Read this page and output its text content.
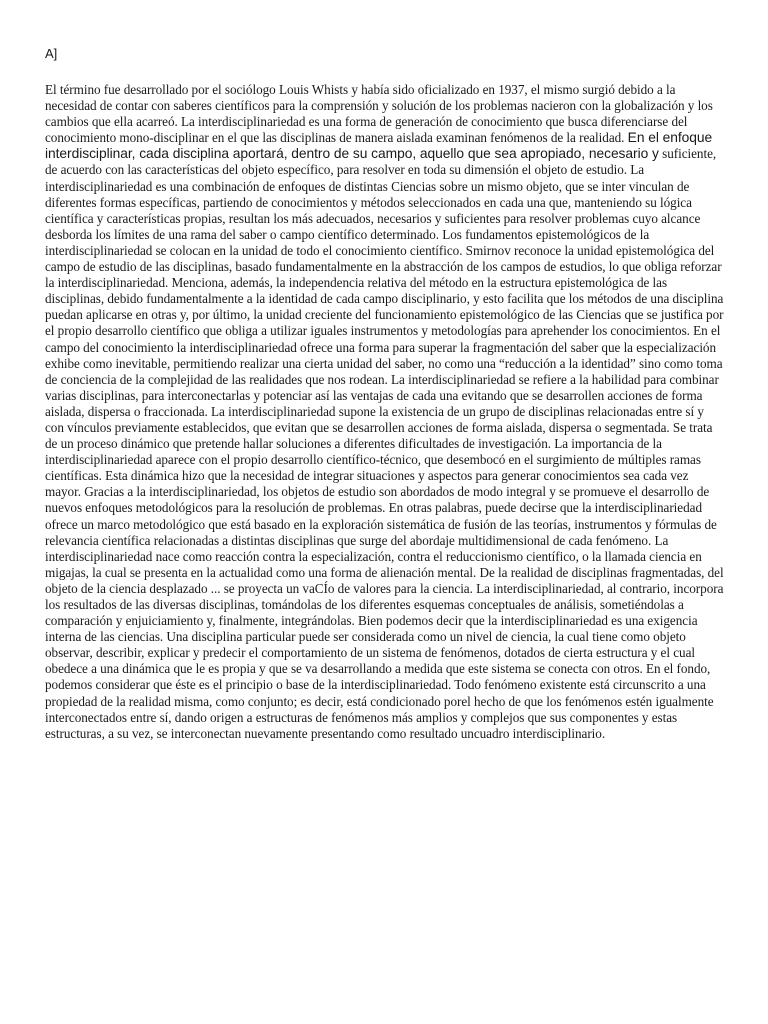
A]

El término fue desarrollado por el sociólogo Louis Whists y había sido oficializado en 1937, el mismo surgió debido a la necesidad de contar con saberes científicos para la comprensión y solución de los problemas nacieron con la globalización y los cambios que ella acarreó. La interdisciplinariedad es una forma de generación de conocimiento que busca diferenciarse del conocimiento mono-disciplinar en el que las disciplinas de manera aislada examinan fenómenos de la realidad. En el enfoque interdisciplinar, cada disciplina aportará, dentro de su campo, aquello que sea apropiado, necesario y suficiente, de acuerdo con las características del objeto específico, para resolver en toda su dimensión el objeto de estudio. La interdisciplinariedad es una combinación de enfoques de distintas Ciencias sobre un mismo objeto, que se inter vinculan de diferentes formas específicas, partiendo de conocimientos y métodos seleccionados en cada una que, manteniendo su lógica científica y características propias, resultan los más adecuados, necesarios y suficientes para resolver problemas cuyo alcance desborda los límites de una rama del saber o campo científico determinado. Los fundamentos epistemológicos de la interdisciplinariedad se colocan en la unidad de todo el conocimiento científico. Smirnov reconoce la unidad epistemológica del campo de estudio de las disciplinas, basado fundamentalmente en la abstracción de los campos de estudios, lo que obliga reforzar la interdisciplinariedad. Menciona, además, la independencia relativa del método en la estructura epistemológica de las disciplinas, debido fundamentalmente a la identidad de cada campo disciplinario, y esto facilita que los métodos de una disciplina puedan aplicarse en otras y, por último, la unidad creciente del funcionamiento epistemológico de las Ciencias que se justifica por el propio desarrollo científico que obliga a utilizar iguales instrumentos y metodologías para aprehender los conocimientos. En el campo del conocimiento la interdisciplinariedad ofrece una forma para superar la fragmentación del saber que la especialización exhibe como inevitable, permitiendo realizar una cierta unidad del saber, no como una “reducción a la identidad” sino como toma de conciencia de la complejidad de las realidades que nos rodean. La interdisciplinariedad se refiere a la habilidad para combinar varias disciplinas, para interconectarlas y potenciar así las ventajas de cada una evitando que se desarrollen acciones de forma aislada, dispersa o fraccionada. La interdisciplinariedad supone la existencia de un grupo de disciplinas relacionadas entre sí y con vínculos previamente establecidos, que evitan que se desarrollen acciones de forma aislada, dispersa o segmentada. Se trata de un proceso dinámico que pretende hallar soluciones a diferentes dificultades de investigación. La importancia de la interdisciplinariedad aparece con el propio desarrollo científico-técnico, que desembocó en el surgimiento de múltiples ramas científicas. Esta dinámica hizo que la necesidad de integrar situaciones y aspectos para generar conocimientos sea cada vez mayor. Gracias a la interdisciplinariedad, los objetos de estudio son abordados de modo integral y se promueve el desarrollo de nuevos enfoques metodológicos para la resolución de problemas. En otras palabras, puede decirse que la interdisciplinariedad ofrece un marco metodológico que está basado en la exploración sistemática de fusión de las teorías, instrumentos y fórmulas de relevancia científica relacionadas a distintas disciplinas que surge del abordaje multidimensional de cada fenómeno. La interdisciplinariedad nace como reacción contra la especialización, contra el reduccionismo científico, o la llamada ciencia en migajas, la cual se presenta en la actualidad como una forma de alienación mental. De la realidad de disciplinas fragmentadas, del objeto de la ciencia desplazado ... se proyecta un vaCÍo de valores para la ciencia. La interdisciplinariedad, al contrario, incorpora los resultados de las diversas disciplinas, tomándolas de los diferentes esquemas conceptuales de análisis, sometiéndolas a comparación y enjuiciamiento y, finalmente, integrándolas. Bien podemos decir que la interdisciplinariedad es una exigencia interna de las ciencias. Una disciplina particular puede ser considerada como un nivel de ciencia, la cual tiene como objeto observar, describir, explicar y predecir el comportamiento de un sistema de fenómenos, dotados de cierta estructura y el cual obedece a una dinámica que le es propia y que se va desarrollando a medida que este sistema se conecta con otros. En el fondo, podemos considerar que éste es el principio o base de la interdisciplinariedad. Todo fenómeno existente está circunscrito a una propiedad de la realidad misma, como conjunto; es decir, está condicionado porel hecho de que los fenómenos estén igualmente interconectados entre sí, dando origen a estructuras de fenómenos más amplios y complejos que sus componentes y estas estructuras, a su vez, se interconectan nuevamente presentando como resultado uncuadro interdisciplinario.
